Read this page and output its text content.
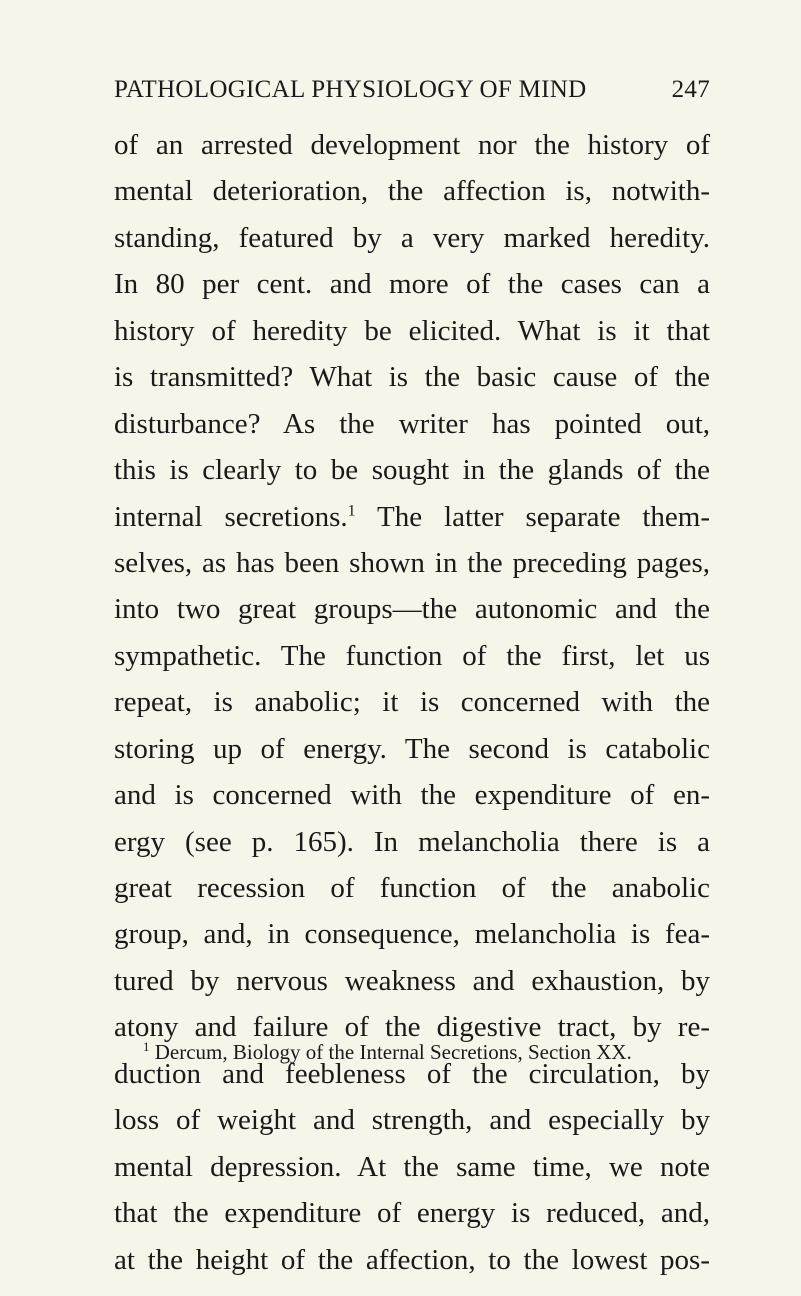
PATHOLOGICAL PHYSIOLOGY OF MIND	247
of an arrested development nor the history of
mental deterioration, the affection is, notwith-
standing, featured by a very marked heredity.
In 80 per cent. and more of the cases can a
history of heredity be elicited. What is it that
is transmitted? What is the basic cause of the
disturbance? As the writer has pointed out,
this is clearly to be sought in the glands of the
internal secretions.$^1$ The latter separate them-
selves, as has been shown in the preceding pages,
into two great groups—the autonomic and the
sympathetic. The function of the first, let us
repeat, is anabolic; it is concerned with the
storing up of energy. The second is catabolic
and is concerned with the expenditure of en-
ergy (see p. 165). In melancholia there is a
great recession of function of the anabolic
group, and, in consequence, melancholia is fea-
tured by nervous weakness and exhaustion, by
atony and failure of the digestive tract, by re-
duction and feebleness of the circulation, by
loss of weight and strength, and especially by
mental depression. At the same time, we note
that the expenditure of energy is reduced, and,
at the height of the affection, to the lowest pos-
$^1$ Dercum, Biology of the Internal Secretions, Section XX.
